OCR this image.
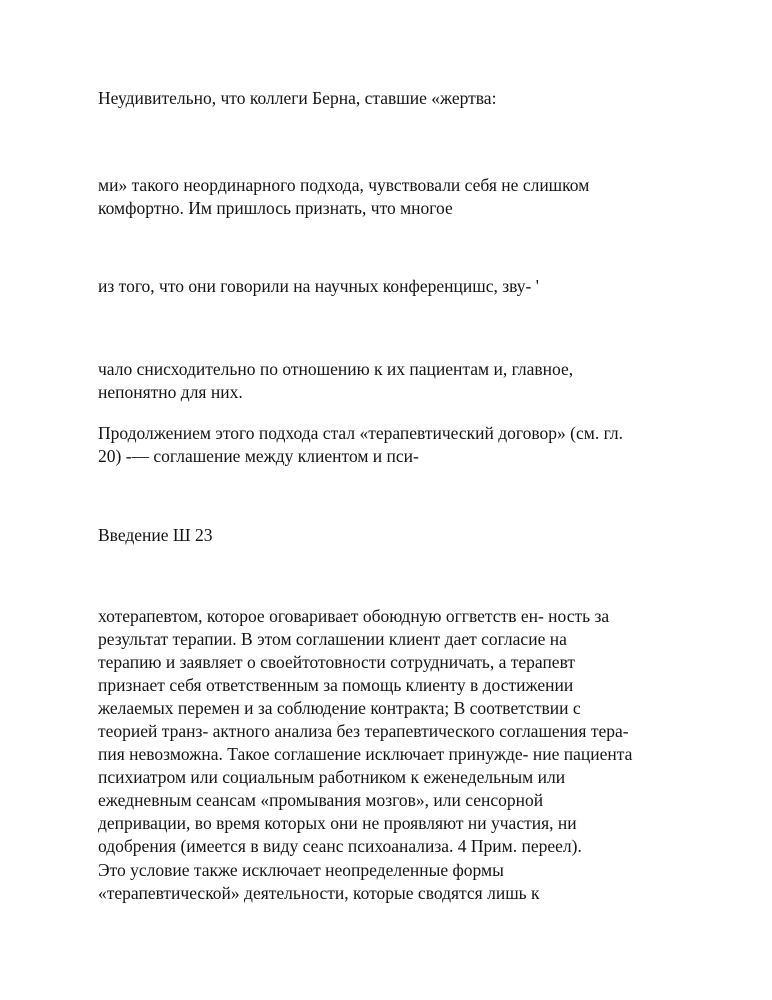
Неудивительно, что коллеги Берна, ставшие «жертва:

ми» такого неординарного подхода, чувствовали себя не слишком
комфортно. Им пришлось признать, что многое

из того, что они говорили на научных конференцишс, зву- '

чало снисходительно по отношению к их пациентам и, главное,
непонятно для них.

Продолжением этого подхода стал «терапевтический договор» (см. гл.
20) -— соглашение между клиентом и пси-

Введение Ш 23

хотерапевтом, которое оговаривает обоюдную оггветств ен- ность за
результат терапии. В этом соглашении клиент дает согласие на
терапию и заявляет о своейтотовности сотрудничать, а терапевт
признает себя ответственным за помощь клиенту в достижении
желаемых перемен и за соблюдение контракта; В соответствии с
теорией транз- актного анализа без терапевтического соглашения тера-
пия невозможна. Такое соглашение исключает принужде- ние пациента
психиатром или социальным работником к еженедельным или
ежедневным сеансам «промывания мозгов», или сенсорной
депривации, во время которых они не проявляют ни участия, ни
одобрения (имеется в виду сеанс психоанализа. 4 Прим. переел).

Это условие также исключает неопределенные формы
«терапевтической» деятельности, которые сводятся лишь к
